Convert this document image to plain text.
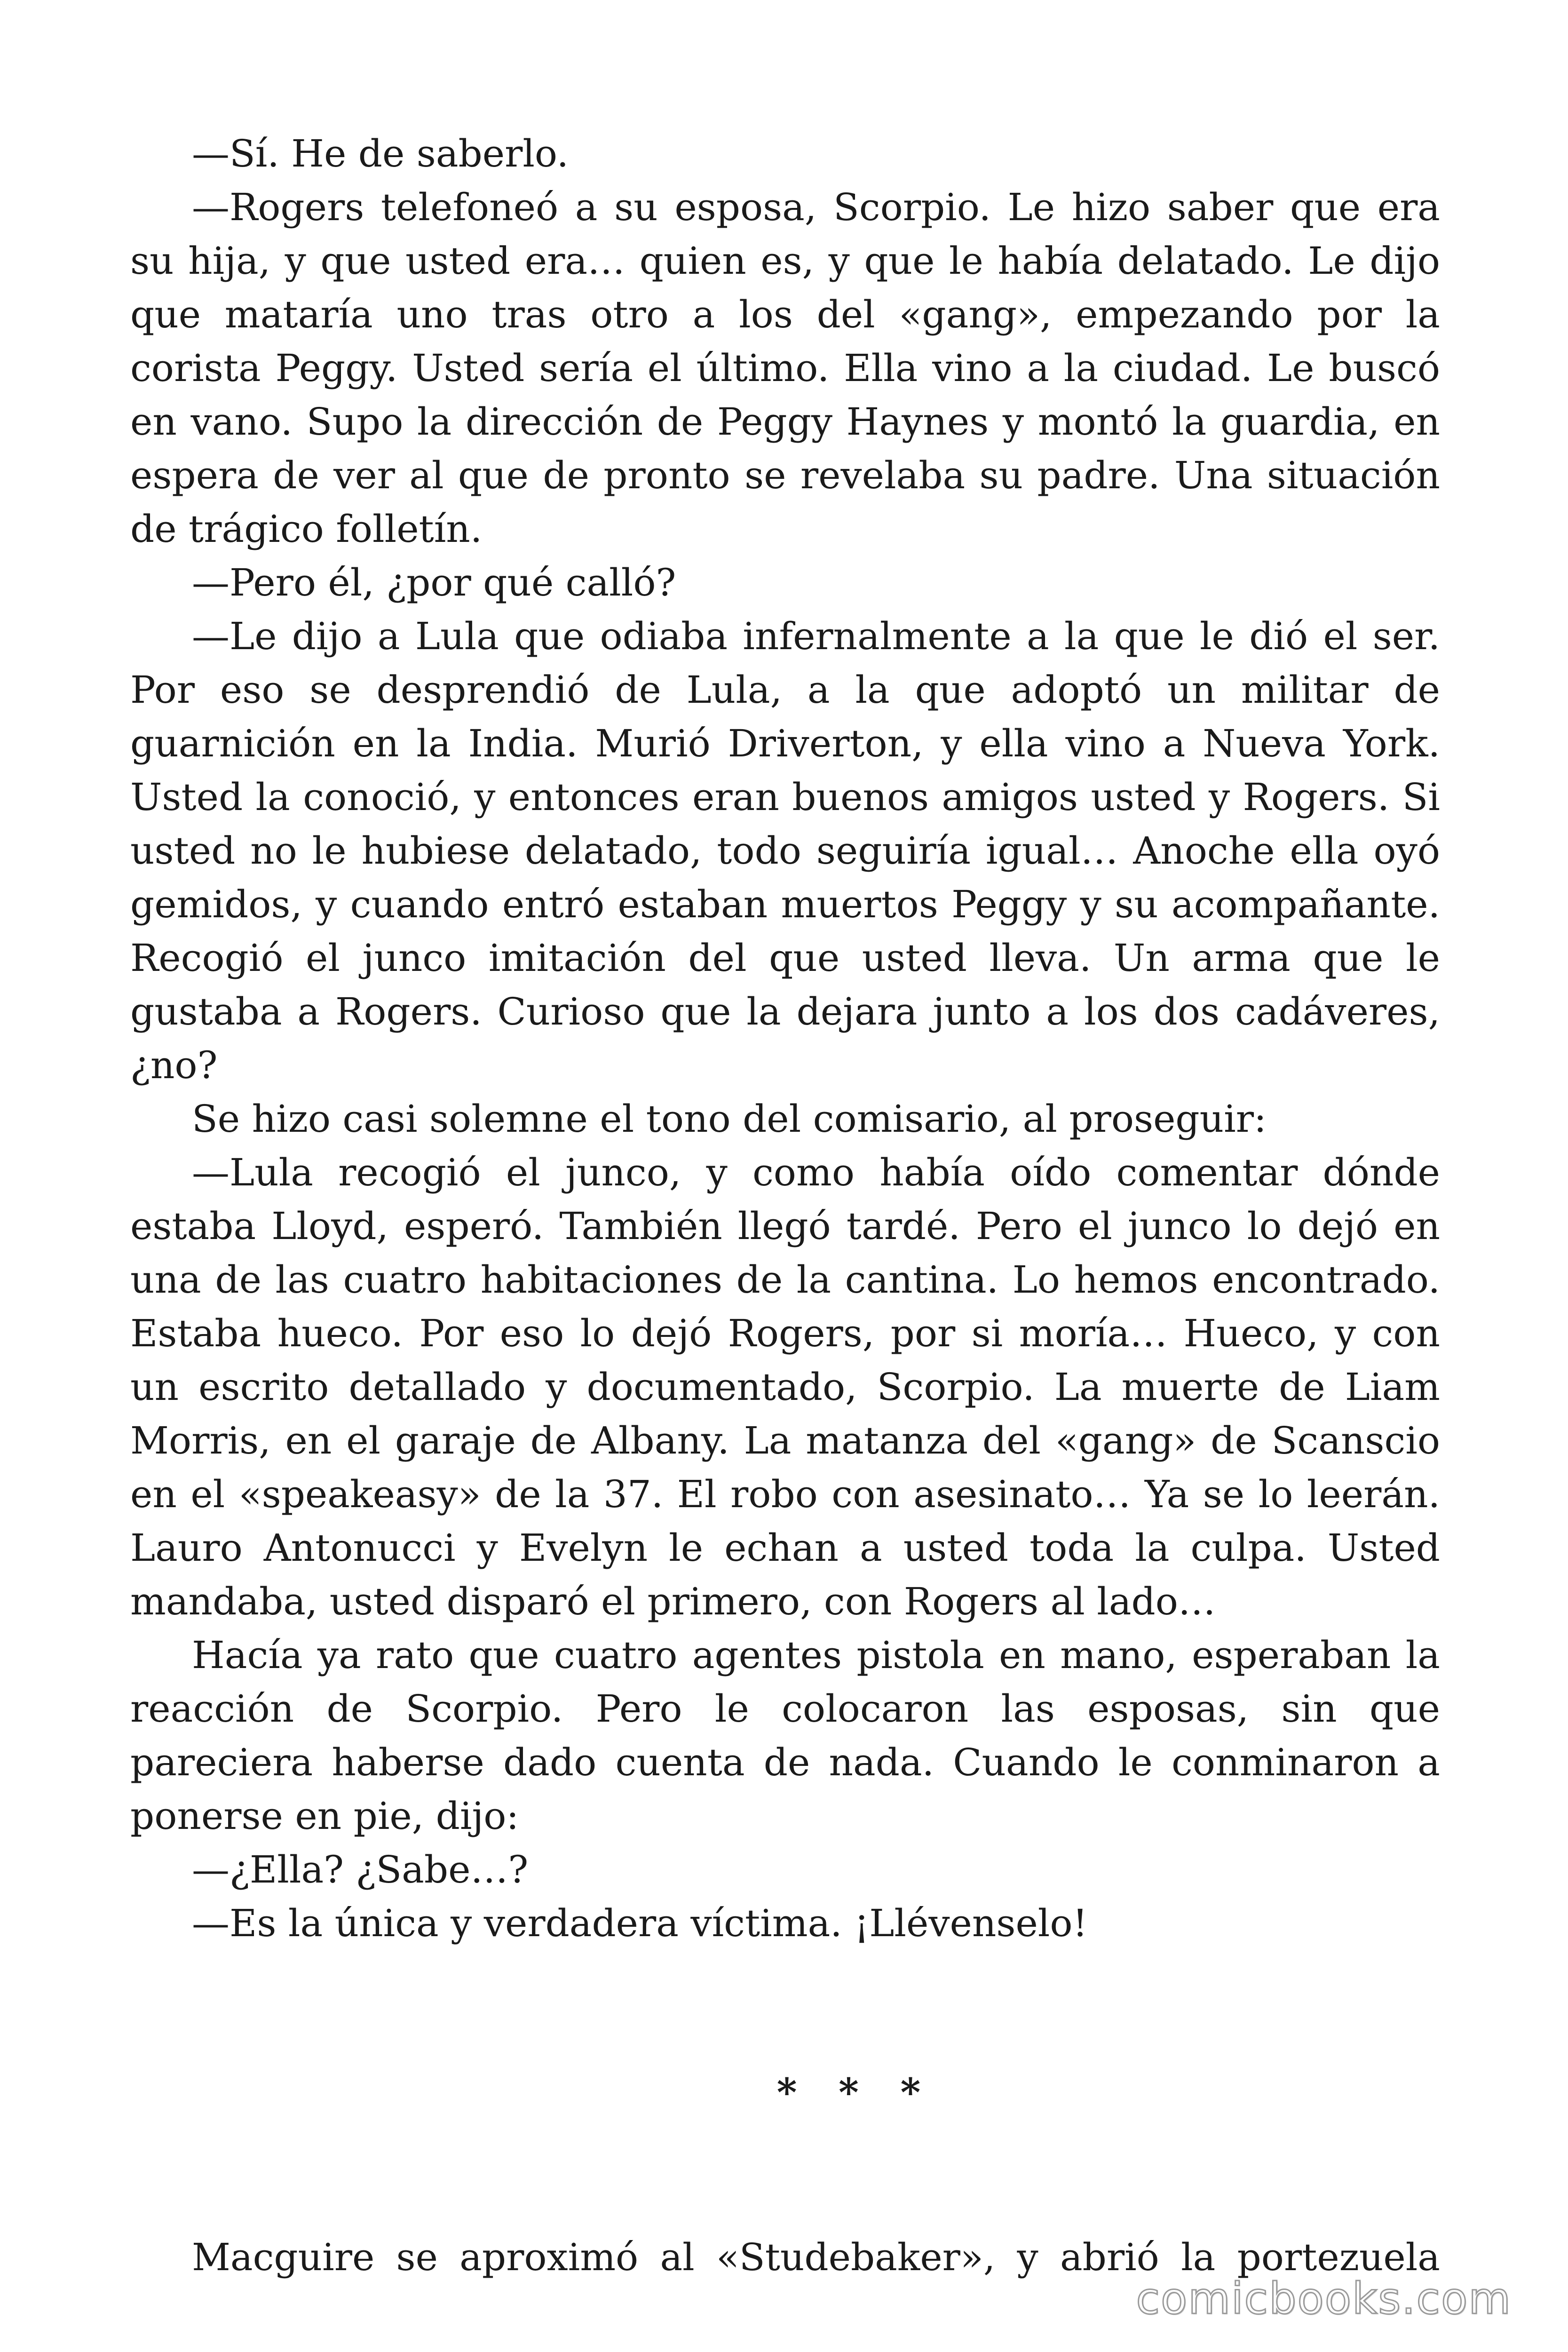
—Sí. He de saberlo.

—Rogers telefoneó a su esposa, Scorpio. Le hizo saber que era su hija, y que usted era… quien es, y que le había delatado. Le dijo que mataría uno tras otro a los del «gang», empezando por la corista Peggy. Usted sería el último. Ella vino a la ciudad. Le buscó en vano. Supo la dirección de Peggy Haynes y montó la guardia, en espera de ver al que de pronto se revelaba su padre. Una situación de trágico folletín.

—Pero él, ¿por qué calló?

—Le dijo a Lula que odiaba infernalmente a la que le dió el ser. Por eso se desprendió de Lula, a la que adoptó un militar de guarnición en la India. Murió Driverton, y ella vino a Nueva York. Usted la conoció, y entonces eran buenos amigos usted y Rogers. Si usted no le hubiese delatado, todo seguiría igual… Anoche ella oyó gemidos, y cuando entró estaban muertos Peggy y su acompañante. Recogió el junco imitación del que usted lleva. Un arma que le gustaba a Rogers. Curioso que la dejara junto a los dos cadáveres, ¿no?

Se hizo casi solemne el tono del comisario, al proseguir:

—Lula recogió el junco, y como había oído comentar dónde estaba Lloyd, esperó. También llegó tardé. Pero el junco lo dejó en una de las cuatro habitaciones de la cantina. Lo hemos encontrado. Estaba hueco. Por eso lo dejó Rogers, por si moría… Hueco, y con un escrito detallado y documentado, Scorpio. La muerte de Liam Morris, en el garaje de Albany. La matanza del «gang» de Scanscio en el «speakeasy» de la 37. El robo con asesinato… Ya se lo leerán. Lauro Antonucci y Evelyn le echan a usted toda la culpa. Usted mandaba, usted disparó el primero, con Rogers al lado…

Hacía ya rato que cuatro agentes pistola en mano, esperaban la reacción de Scorpio. Pero le colocaron las esposas, sin que pareciera haberse dado cuenta de nada. Cuando le conminaron a ponerse en pie, dijo:

—¿Ella? ¿Sabe…?

—Es la única y verdadera víctima. ¡Llévenselo!

* * *

Macguire se aproximó al «Studebaker», y abrió la portezuela

comicbooks.com
